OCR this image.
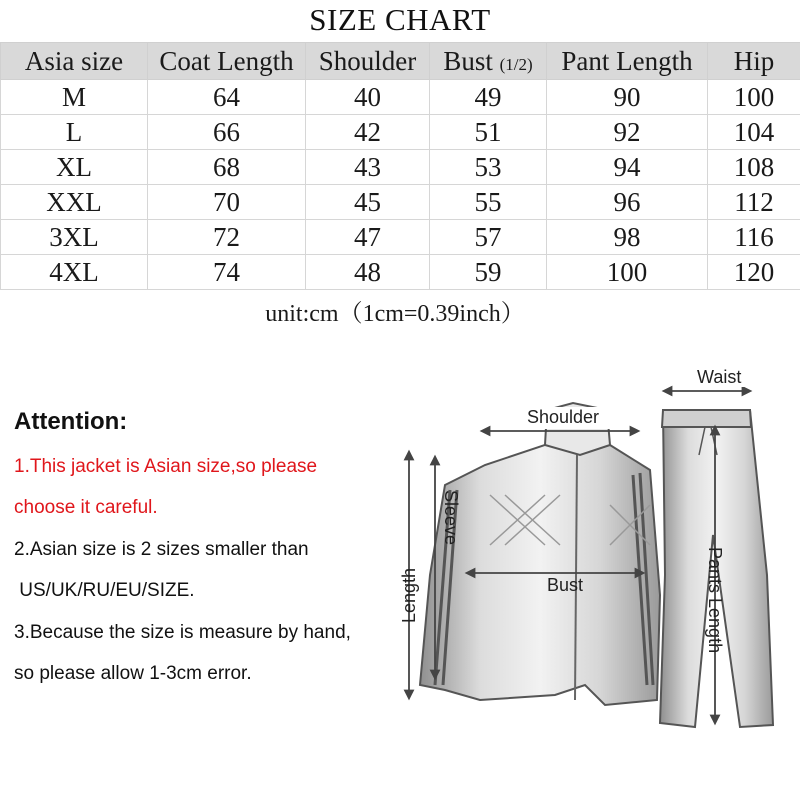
SIZE CHART
Asia size	Coat Length	Shoulder	Bust (1/2)	Pant Length	Hip
M	64	40	49	90	100
L	66	42	51	92	104
XL	68	43	53	94	108
XXL	70	45	55	96	112
3XL	72	47	57	98	116
4XL	74	48	59	100	120
unit:cm（1cm=0.39inch）
Attention:
1.This jacket is Asian size,so please
choose it careful.
2.Asian size is 2 sizes smaller than
US/UK/RU/EU/SIZE.
3.Because the size is measure by hand,
so please allow 1-3cm error.
Waist
Shoulder
Sleeve
Length	Bust	Pants Length
